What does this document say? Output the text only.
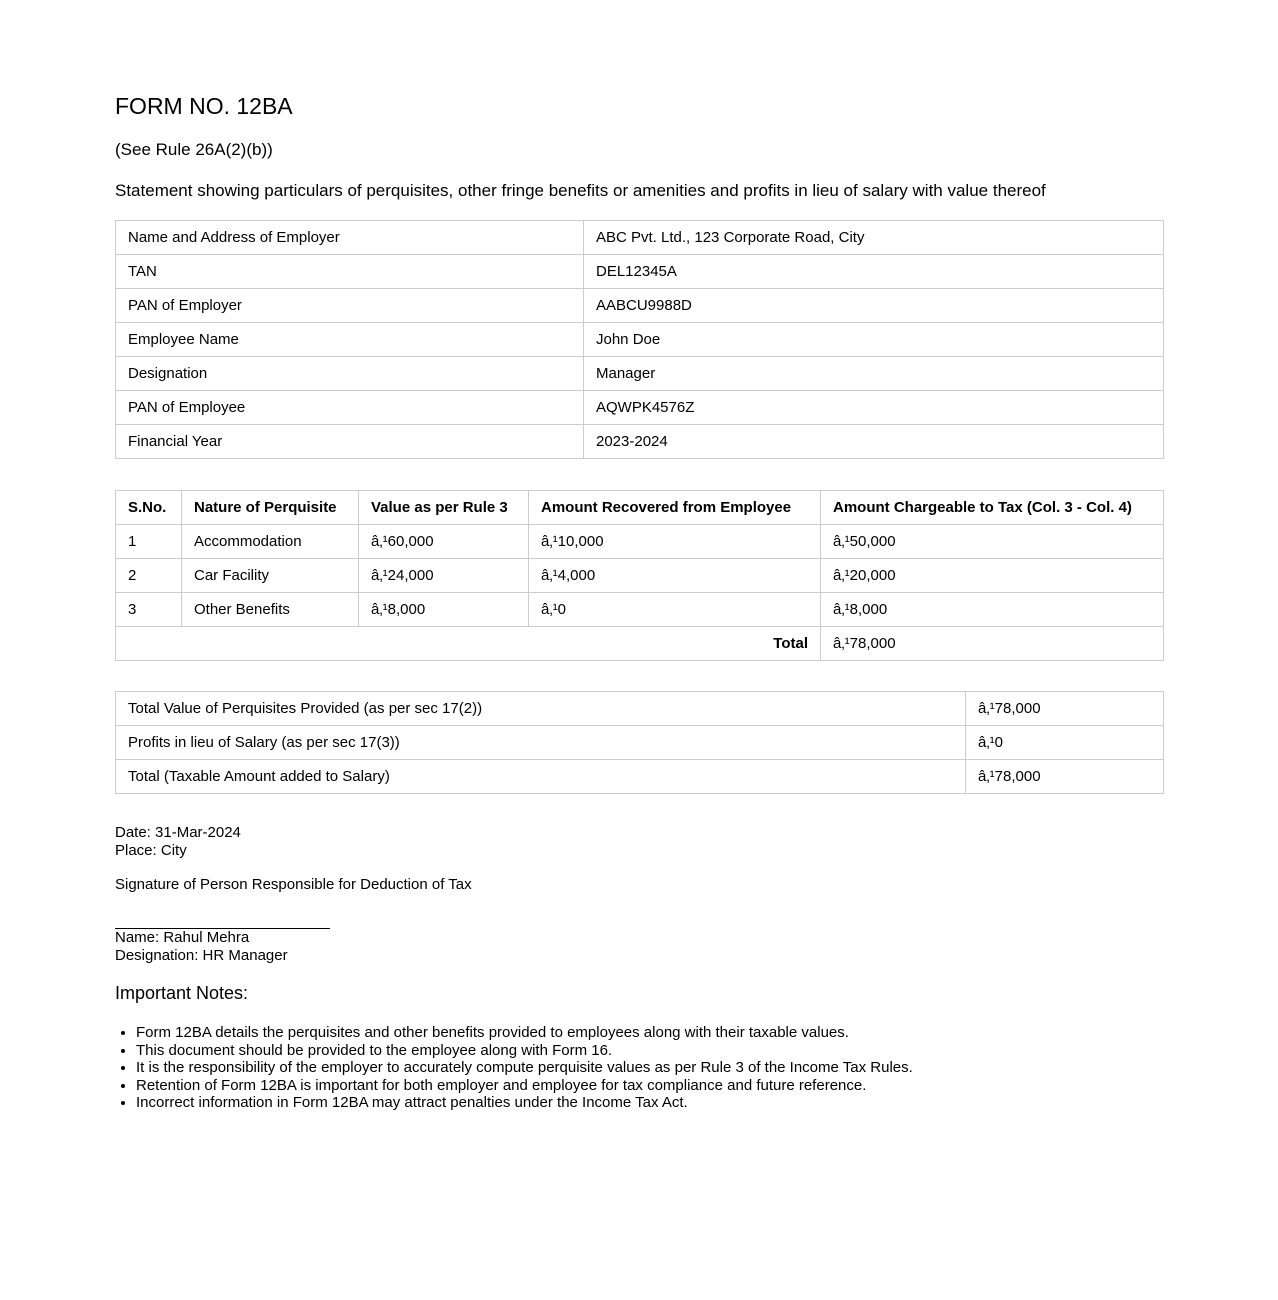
FORM NO. 12BA

(See Rule 26A(2)(b))

Statement showing particulars of perquisites, other fringe benefits or amenities and profits in lieu of salary with value thereof

Name and Address of Employer	ABC Pvt. Ltd., 123 Corporate Road, City
TAN	DEL12345A
PAN of Employer	AABCU9988D
Employee Name	John Doe
Designation	Manager
PAN of Employee	AQWPK4576Z
Financial Year	2023-2024
S.No.	Nature of Perquisite	Value as per Rule 3	Amount Recovered from Employee	Amount Chargeable to Tax (Col. 3 - Col. 4)
1	Accommodation	â‚¹60,000	â‚¹10,000	â‚¹50,000
2	Car Facility	â‚¹24,000	â‚¹4,000	â‚¹20,000
3	Other Benefits	â‚¹8,000	â‚¹0	â‚¹8,000
Total				â‚¹78,000
Total Value of Perquisites Provided (as per sec 17(2))	â‚¹78,000
Profits in lieu of Salary (as per sec 17(3))	â‚¹0
Total (Taxable Amount added to Salary)	â‚¹78,000
Date: 31-Mar-2024
Place: City
Signature of Person Responsible for Deduction of Tax
Name: Rahul Mehra
Designation: HR Manager
Important Notes:
• Form 12BA details the perquisites and other benefits provided to employees along with their taxable values.
• This document should be provided to the employee along with Form 16.
• It is the responsibility of the employer to accurately compute perquisite values as per Rule 3 of the Income Tax Rules.
• Retention of Form 12BA is important for both employer and employee for tax compliance and future reference.
• Incorrect information in Form 12BA may attract penalties under the Income Tax Act.
